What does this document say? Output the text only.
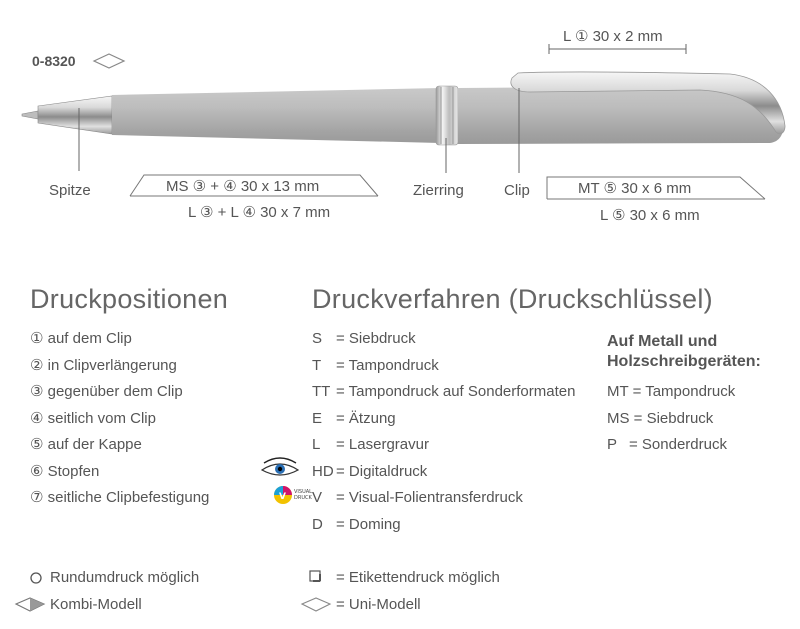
V VISUAL
DRUCK
0-8320
L ① 30 x 2 mm
Spitze	Zierring	Clip
MS ③ + ④ 30 x 13 mm
L ③ + L ④ 30 x 7 mm
MT ⑤ 30 x 6 mm
L ⑤ 30 x 6 mm
Druckpositionen	Druckverfahren (Druckschlüssel)
① auf dem Clip
② in Clipverlängerung
③ gegenüber dem Clip
④ seitlich vom Clip
⑤ auf der Kappe
⑥ Stopfen
⑦ seitliche Clipbefestigung
S = Siebdruck
T = Tampondruck
TT = Tampondruck auf Sonderformaten
E = Ätzung
L = Lasergravur
HD = Digitaldruck
V = Visual-Folientransferdruck
D = Doming
Auf Metall und
Holzschreibgeräten:
MT = Tampondruck
MS = Siebdruck
P = Sonderdruck
Rundumdruck möglich
Kombi-Modell
= Etikettendruck möglich
= Uni-Modell
